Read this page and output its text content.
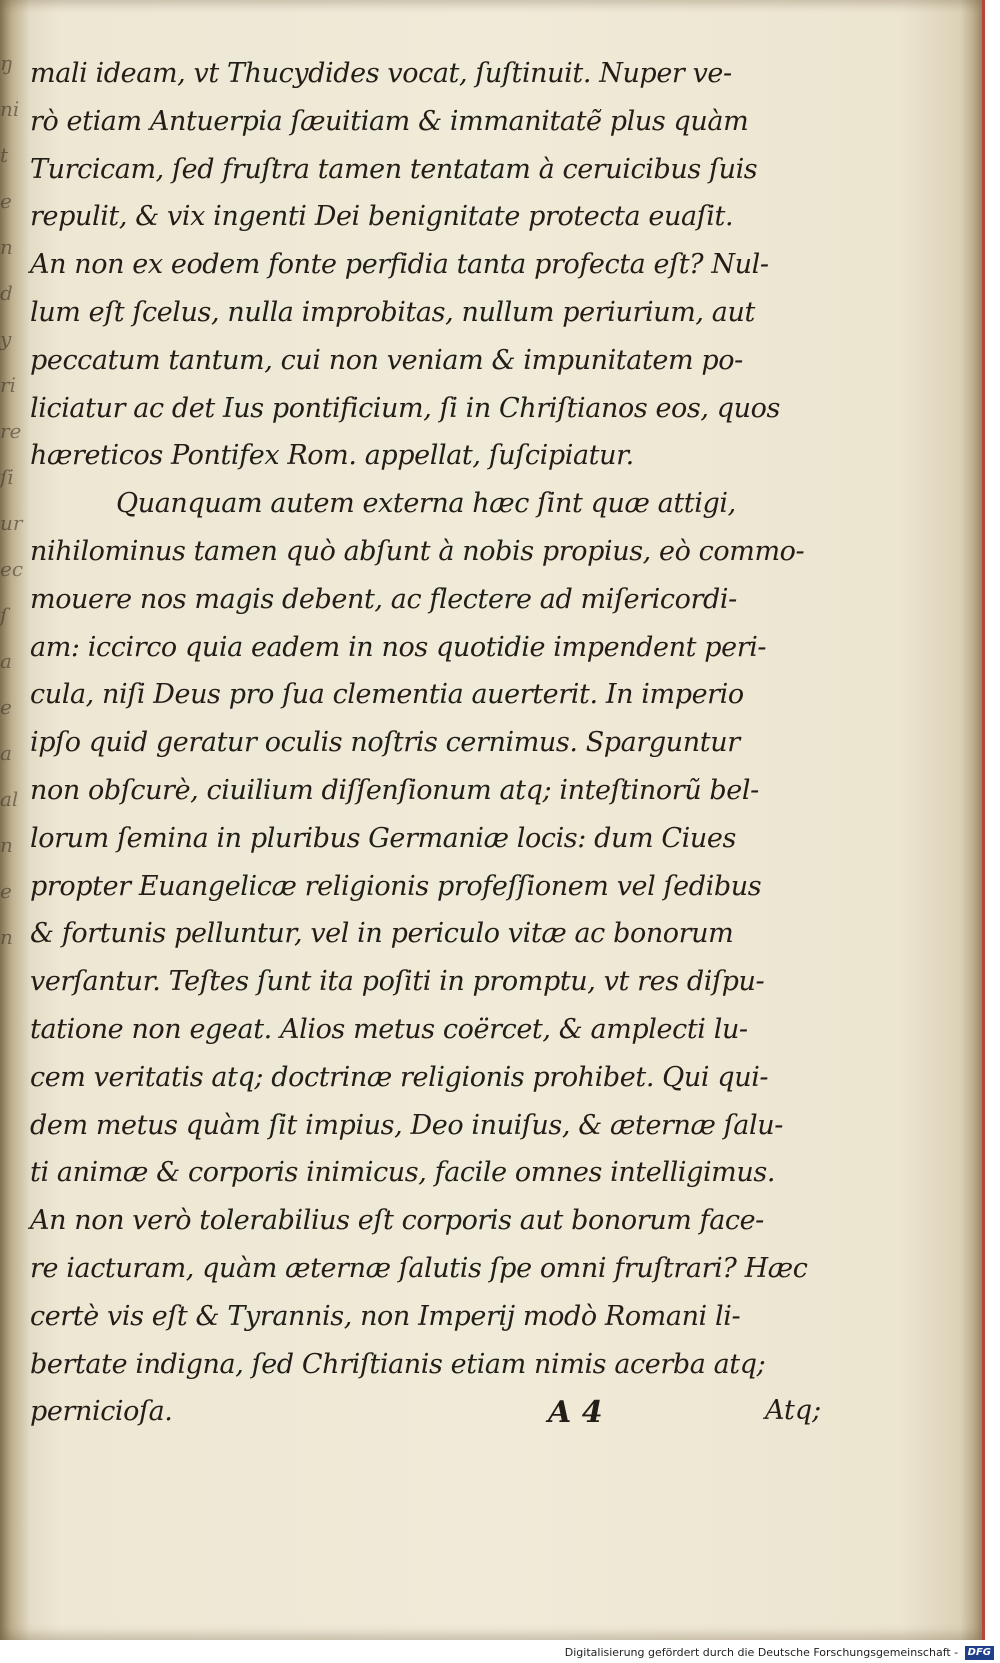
ŋ
ni
t
e
n
d
y
ri
re
ſi
ur
ec
ſ
a
e
a
al
n
e
n
mali ideam, vt Thucydides vocat, ſuſtinuit. Nuper ve-
rò etiam Antuerpia ſæuitiam & immanitatẽ plus quàm
Turcicam, ſed fruſtra tamen tentatam à ceruicibus ſuis
repulit, & vix ingenti Dei benignitate protecta euaſit.
An non ex eodem fonte perfidia tanta profecta eſt? Nul-
lum eſt ſcelus, nulla improbitas, nullum periurium, aut
peccatum tantum, cui non veniam & impunitatem po-
liciatur ac det Ius pontificium, ſi in Chriſtianos eos, quos
hæreticos Pontifex Rom. appellat, ſuſcipiatur.
Quanquam autem externa hæc ſint quæ attigi,
nihilominus tamen quò abſunt à nobis propius, eò commo-
mouere nos magis debent, ac flectere ad miſericordi-
am: iccirco quia eadem in nos quotidie impendent peri-
cula, niſi Deus pro ſua clementia auerterit. In imperio
ipſo quid geratur oculis noſtris cernimus. Sparguntur
non obſcurè, ciuilium diſſenſionum atq; inteſtinorũ bel-
lorum ſemina in pluribus Germaniæ locis: dum Ciues
propter Euangelicæ religionis profeſſionem vel ſedibus
& fortunis pelluntur, vel in periculo vitæ ac bonorum
verſantur. Teſtes ſunt ita poſiti in promptu, vt res diſpu-
tatione non egeat. Alios metus coërcet, & amplecti lu-
cem veritatis atq; doctrinæ religionis prohibet. Qui qui-
dem metus quàm ſit impius, Deo inuiſus, & æternæ ſalu-
ti animæ & corporis inimicus, facile omnes intelligimus.
An non verò tolerabilius eſt corporis aut bonorum face-
re iacturam, quàm æternæ ſalutis ſpe omni fruſtrari? Hæc
certè vis eſt & Tyrannis, non Imperij modò Romani li-
bertate indigna, ſed Chriſtianis etiam nimis acerba atq;
pernicioſa.	A 4	Atq;
Digitalisierung gefördert durch die Deutsche Forschungsgemeinschaft - DFG
